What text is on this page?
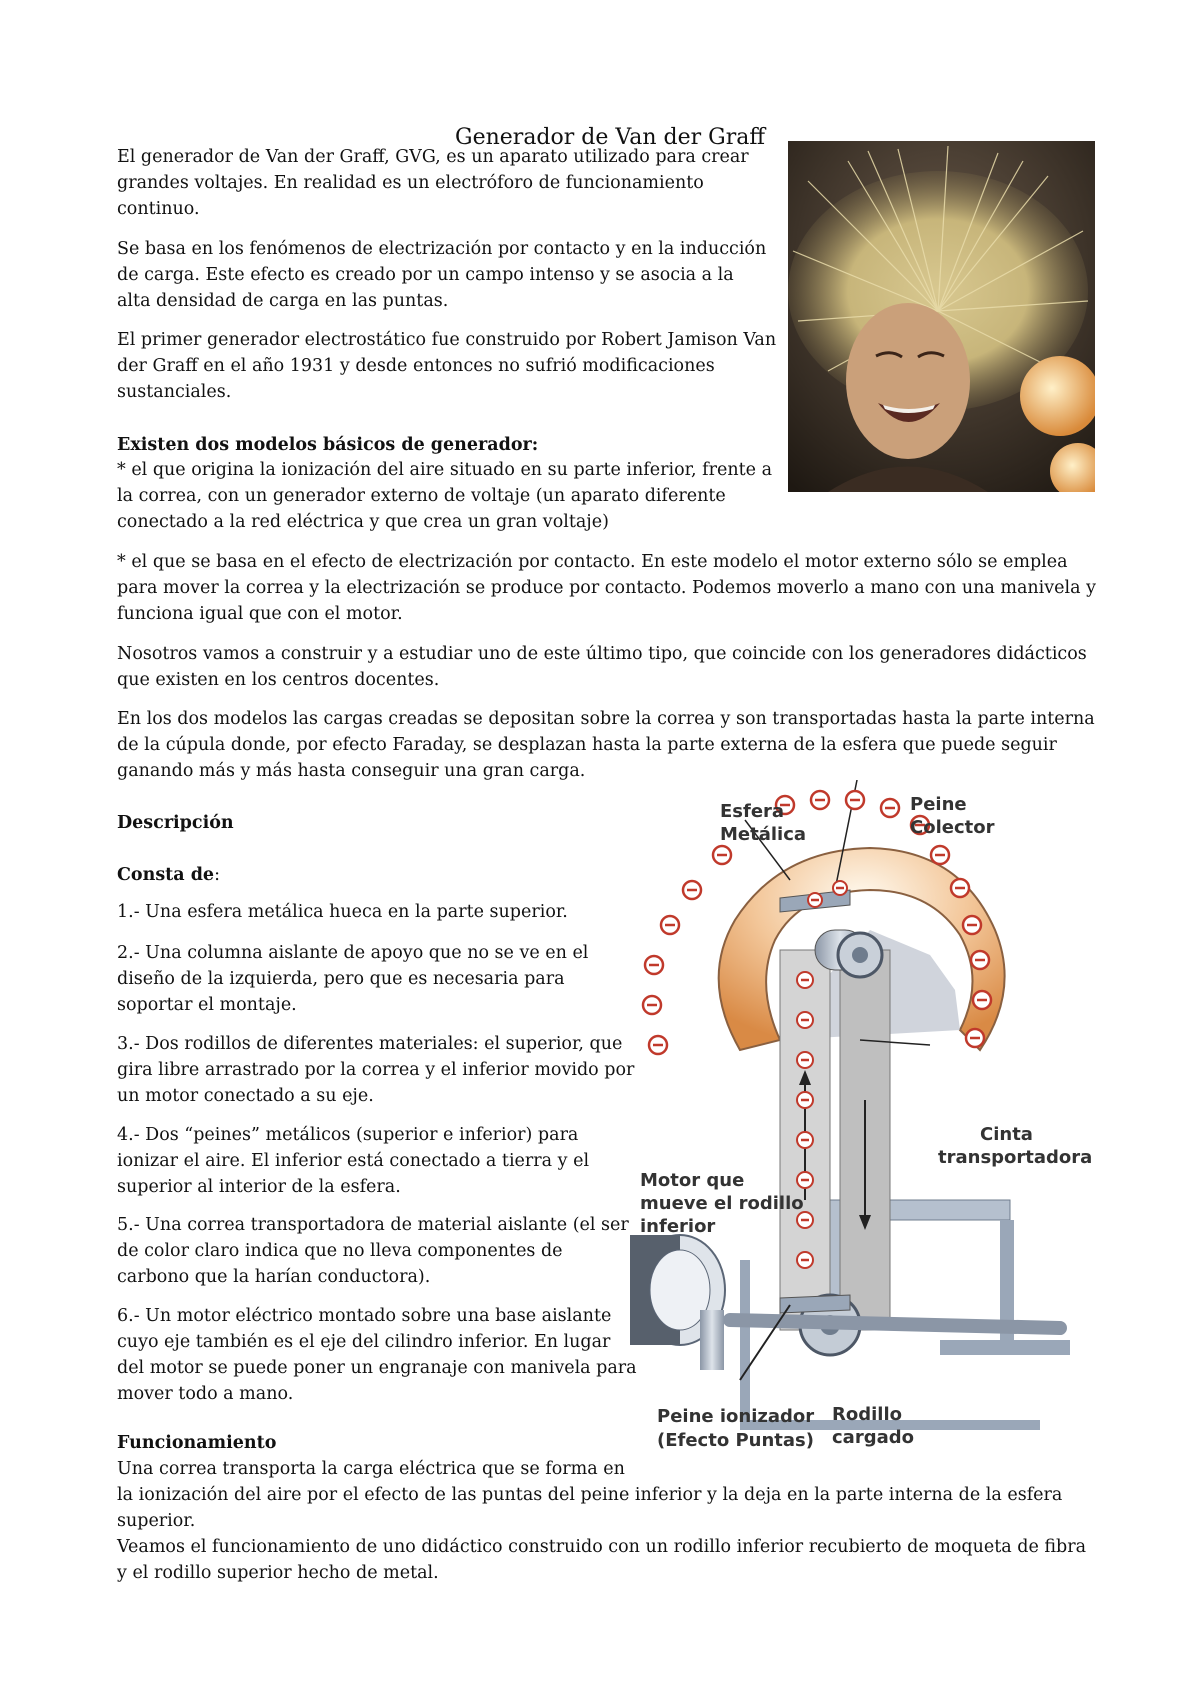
Generador de Van der Graff

El generador de Van der Graff, GVG, es un aparato utilizado para crear grandes voltajes. En realidad es un electróforo de funcionamiento continuo.

Se basa en los fenómenos de electrización por contacto y en la inducción de carga. Este efecto es creado por un campo intenso y se asocia a la alta densidad de carga en las puntas.

El primer generador electrostático fue construido por Robert Jamison Van der Graff en el año 1931 y desde entonces no sufrió modificaciones sustanciales.

Existen dos modelos básicos de generador:

* el que origina la ionización del aire situado en su parte inferior, frente a la correa, con un generador externo de voltaje (un aparato diferente conectado a la red eléctrica y que crea un gran voltaje)

* el que se basa en el efecto de electrización por contacto. En este modelo el motor externo sólo se emplea para mover la correa y la electrización se produce por contacto. Podemos moverlo a mano con una manivela y funciona igual que con el motor.

Nosotros vamos a construir y a estudiar uno de este último tipo, que coincide con los generadores didácticos que existen en los centros docentes.

En los dos modelos las cargas creadas se depositan sobre la correa y son transportadas hasta la parte interna de la cúpula donde, por efecto Faraday, se desplazan hasta la parte externa de la esfera que puede seguir ganando más y más hasta conseguir una gran carga.

Descripción

Consta de:

1.- Una esfera metálica hueca en la parte superior.

2.- Una columna aislante de apoyo que no se ve en el diseño de la izquierda, pero que es necesaria para soportar el montaje.

3.- Dos rodillos de diferentes materiales: el superior, que gira libre arrastrado por la correa y el inferior movido por un motor conectado a su eje.

4.- Dos “peines” metálicos (superior e inferior) para ionizar el aire. El inferior está conectado a tierra y el superior al interior de la esfera.

5.- Una correa transportadora de material aislante (el ser de color claro indica que no lleva componentes de carbono que la harían conductora).

6.- Un motor eléctrico montado sobre una base aislante cuyo eje también es el eje del cilindro inferior. En lugar del motor se puede poner un engranaje con manivela para mover todo a mano.

Funcionamiento

Una correa transporta la carga eléctrica que se forma en

la ionización del aire por el efecto de las puntas del peine inferior y la deja en la parte interna de la esfera superior.

Veamos el funcionamiento de uno didáctico construido con un rodillo inferior recubierto de moqueta de fibra y el rodillo superior hecho de metal.

Esfera
Metálica
Peine
Colector
Cinta
transportadora
Motor que
mueve el rodillo
inferior
Peine ionizador
(Efecto Puntas)
Rodillo
cargado
